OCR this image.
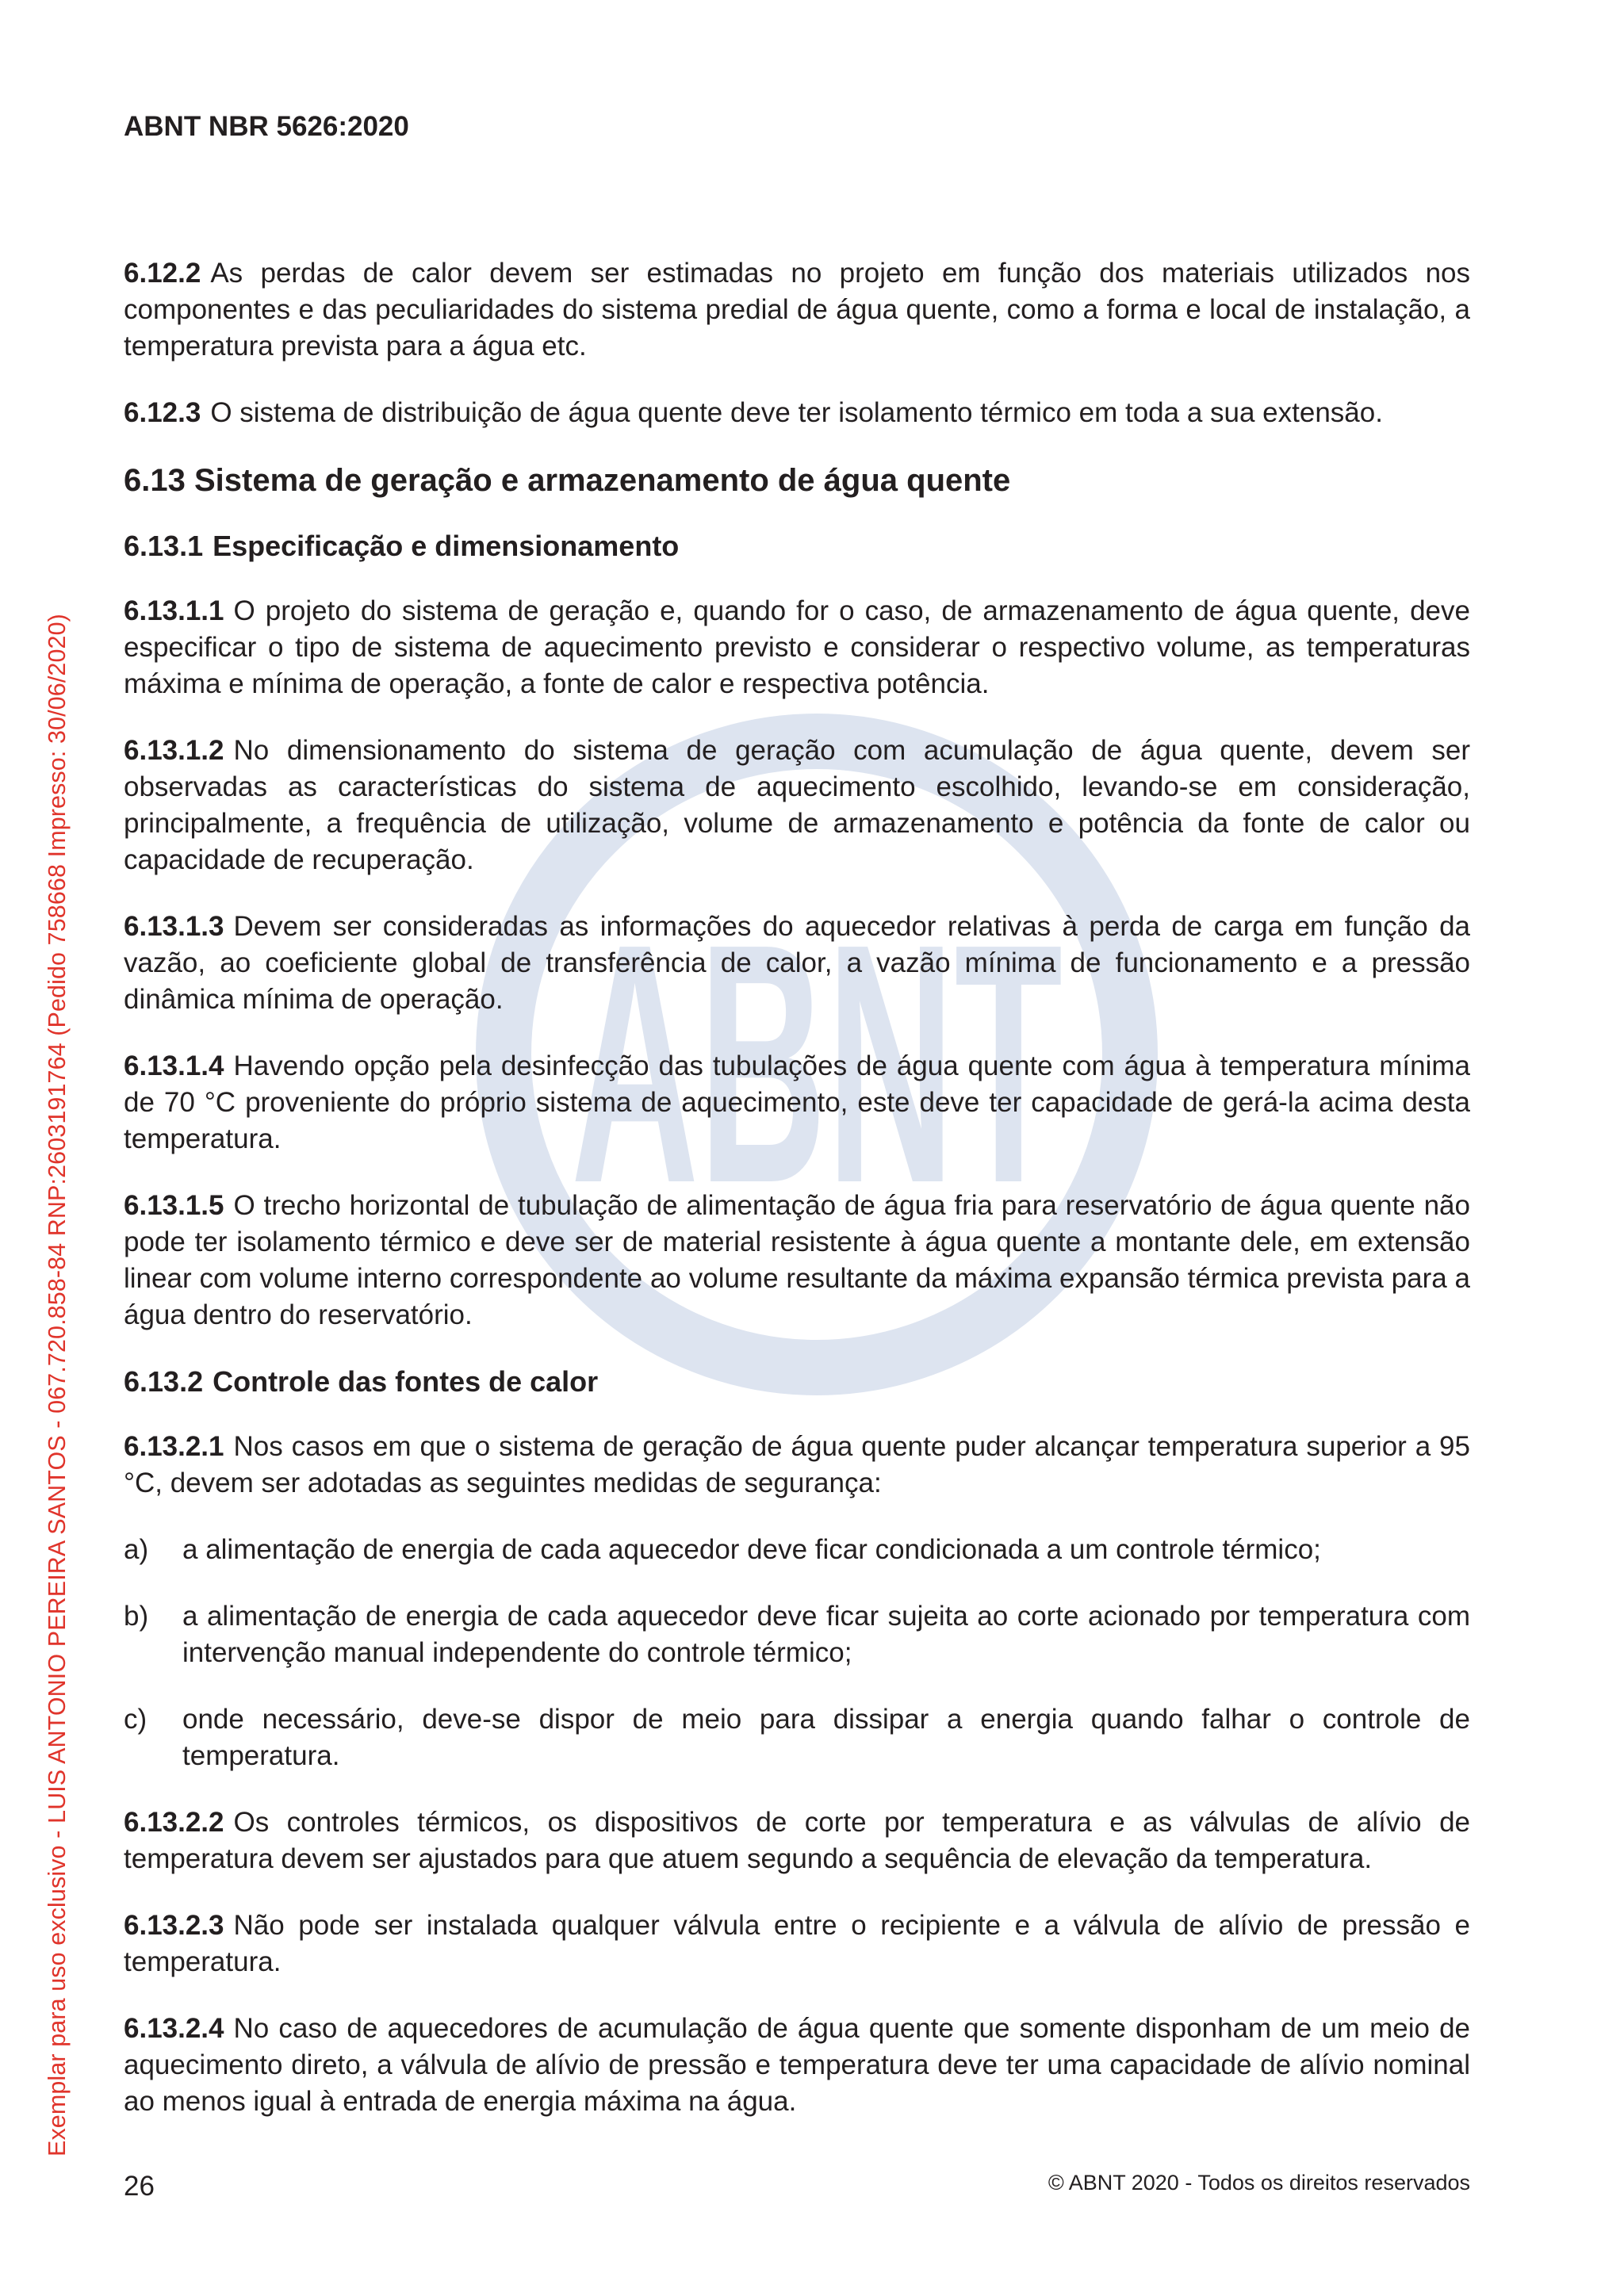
ABNT
Exemplar para uso exclusivo - LUIS ANTONIO PEREIRA SANTOS - 067.720.858-84 RNP:2603191764 (Pedido 758668 Impresso: 30/06/2020)
ABNT NBR 5626:2020

6.12.2 As perdas de calor devem ser estimadas no projeto em função dos materiais utilizados nos componentes e das peculiaridades do sistema predial de água quente, como a forma e local de instalação, a temperatura prevista para a água etc.

6.12.3 O sistema de distribuição de água quente deve ter isolamento térmico em toda a sua extensão.

6.13 Sistema de geração e armazenamento de água quente
6.13.1 Especificação e dimensionamento

6.13.1.1 O projeto do sistema de geração e, quando for o caso, de armazenamento de água quente, deve especificar o tipo de sistema de aquecimento previsto e considerar o respectivo volume, as temperaturas máxima e mínima de operação, a fonte de calor e respectiva potência.

6.13.1.2 No dimensionamento do sistema de geração com acumulação de água quente, devem ser observadas as características do sistema de aquecimento escolhido, levando-se em consideração, principalmente, a frequência de utilização, volume de armazenamento e potência da fonte de calor ou capacidade de recuperação.

6.13.1.3 Devem ser consideradas as informações do aquecedor relativas à perda de carga em função da vazão, ao coeficiente global de transferência de calor, a vazão mínima de funcionamento e a pressão dinâmica mínima de operação.

6.13.1.4 Havendo opção pela desinfecção das tubulações de água quente com água à temperatura mínima de 70 °C proveniente do próprio sistema de aquecimento, este deve ter capacidade de gerá-la acima desta temperatura.

6.13.1.5 O trecho horizontal de tubulação de alimentação de água fria para reservatório de água quente não pode ter isolamento térmico e deve ser de material resistente à água quente a montante dele, em extensão linear com volume interno correspondente ao volume resultante da máxima expansão térmica prevista para a água dentro do reservatório.

6.13.2 Controle das fontes de calor

6.13.2.1 Nos casos em que o sistema de geração de água quente puder alcançar temperatura superior a 95 °C, devem ser adotadas as seguintes medidas de segurança:

a)	a alimentação de energia de cada aquecedor deve ficar condicionada a um controle térmico;
b)	a alimentação de energia de cada aquecedor deve ficar sujeita ao corte acionado por temperatura com intervenção manual independente do controle térmico;
c)	onde necessário, deve-se dispor de meio para dissipar a energia quando falhar o controle de temperatura.

6.13.2.2 Os controles térmicos, os dispositivos de corte por temperatura e as válvulas de alívio de temperatura devem ser ajustados para que atuem segundo a sequência de elevação da temperatura.

6.13.2.3 Não pode ser instalada qualquer válvula entre o recipiente e a válvula de alívio de pressão e temperatura.

6.13.2.4 No caso de aquecedores de acumulação de água quente que somente disponham de um meio de aquecimento direto, a válvula de alívio de pressão e temperatura deve ter uma capacidade de alívio nominal ao menos igual à entrada de energia máxima na água.

26	© ABNT 2020 - Todos os direitos reservados
